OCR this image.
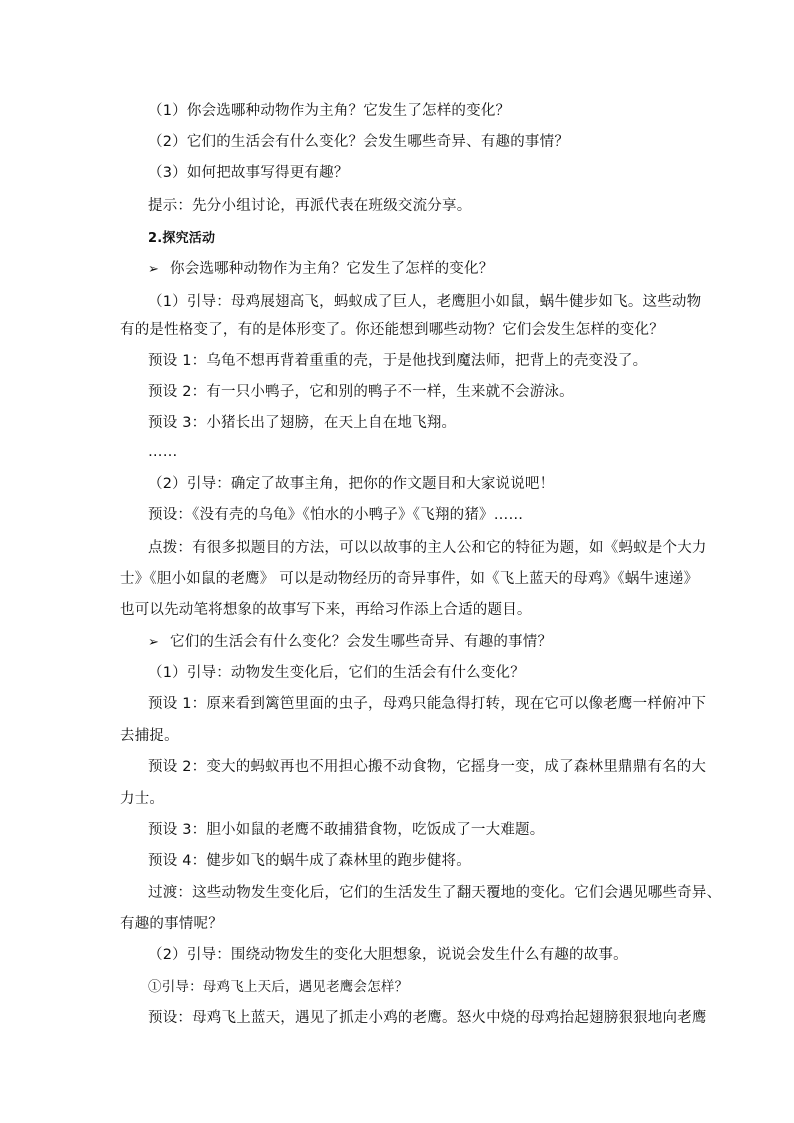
（1）你会选哪种动物作为主角？它发生了怎样的变化？
（2）它们的生活会有什么变化？会发生哪些奇异、有趣的事情？
（3）如何把故事写得更有趣？
提示：先分小组讨论，再派代表在班级交流分享。
2.探究活动
➢ 你会选哪种动物作为主角？它发生了怎样的变化？
（1）引导：母鸡展翅高飞，蚂蚁成了巨人，老鹰胆小如鼠，蜗牛健步如飞。这些动物
有的是性格变了，有的是体形变了。你还能想到哪些动物？它们会发生怎样的变化？
预设 1：乌龟不想再背着重重的壳，于是他找到魔法师，把背上的壳变没了。
预设 2：有一只小鸭子，它和别的鸭子不一样，生来就不会游泳。
预设 3：小猪长出了翅膀，在天上自在地飞翔。
……
（2）引导：确定了故事主角，把你的作文题目和大家说说吧！
预设：《没有壳的乌龟》《怕水的小鸭子》《飞翔的猪》……
点拨：有很多拟题目的方法，可以以故事的主人公和它的特征为题，如《蚂蚁是个大力
士》《胆小如鼠的老鹰》 可以是动物经历的奇异事件，如《飞上蓝天的母鸡》《蜗牛速递》
也可以先动笔将想象的故事写下来，再给习作添上合适的题目。
➢ 它们的生活会有什么变化？会发生哪些奇异、有趣的事情？
（1）引导：动物发生变化后，它们的生活会有什么变化？
预设 1：原来看到篱笆里面的虫子，母鸡只能急得打转，现在它可以像老鹰一样俯冲下
去捕捉。
预设 2：变大的蚂蚁再也不用担心搬不动食物，它摇身一变，成了森林里鼎鼎有名的大
力士。
预设 3：胆小如鼠的老鹰不敢捕猎食物，吃饭成了一大难题。
预设 4：健步如飞的蜗牛成了森林里的跑步健将。
过渡：这些动物发生变化后，它们的生活发生了翻天覆地的变化。它们会遇见哪些奇异、
有趣的事情呢？
（2）引导：围绕动物发生的变化大胆想象，说说会发生什么有趣的故事。
①引导：母鸡飞上天后，遇见老鹰会怎样？
预设：母鸡飞上蓝天，遇见了抓走小鸡的老鹰。怒火中烧的母鸡抬起翅膀狠狠地向老鹰
